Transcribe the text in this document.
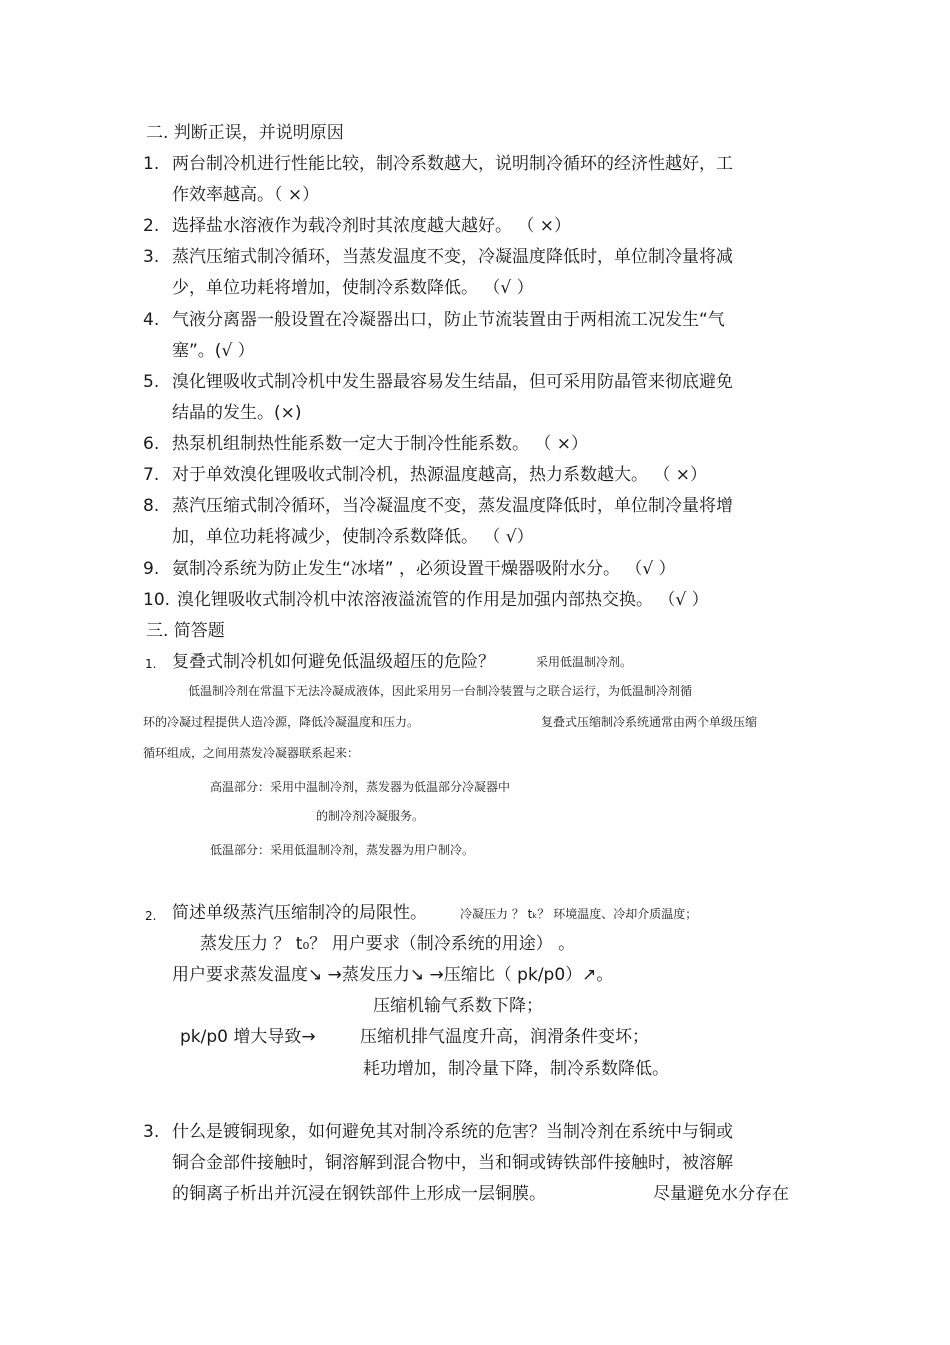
二. 判断正误，并说明原因
1. 两台制冷机进行性能比较，制冷系数越大，说明制冷循环的经济性越好，工
作效率越高。（ ×）
2. 选择盐水溶液作为载冷剂时其浓度越大越好。 （ ×）
3. 蒸汽压缩式制冷循环，当蒸发温度不变，冷凝温度降低时，单位制冷量将减
少，单位功耗将增加，使制冷系数降低。 （√ ）
4. 气液分离器一般设置在冷凝器出口，防止节流装置由于两相流工况发生“气
塞”。(√ ）
5. 溴化锂吸收式制冷机中发生器最容易发生结晶，但可采用防晶管来彻底避免
结晶的发生。(×)
6. 热泵机组制热性能系数一定大于制冷性能系数。 （ ×）
7. 对于单效溴化锂吸收式制冷机，热源温度越高，热力系数越大。 （ ×）
8. 蒸汽压缩式制冷循环，当冷凝温度不变，蒸发温度降低时，单位制冷量将增
加，单位功耗将减少，使制冷系数降低。 （ √）
9. 氨制冷系统为防止发生“冰堵” ，必须设置干燥器吸附水分。 （√ ）
10. 溴化锂吸收式制冷机中浓溶液溢流管的作用是加强内部热交换。 （√ ）
三. 简答题
1. 复叠式制冷机如何避免低温级超压的危险？	采用低温制冷剂。
低温制冷剂在常温下无法冷凝成液体，因此采用另一台制冷装置与之联合运行，为低温制冷剂循
环的冷凝过程提供人造冷源，降低冷凝温度和压力。	复叠式压缩制冷系统通常由两个单级压缩
循环组成，之间用蒸发冷凝器联系起来：
高温部分：采用中温制冷剂，蒸发器为低温部分冷凝器中
的制冷剂冷凝服务。
低温部分：采用低温制冷剂，蒸发器为用户制冷。
2. 简述单级蒸汽压缩制冷的局限性。	冷凝压力 ？ tₖ？ 环境温度、冷却介质温度；
蒸发压力 ？ t₀？ 用户要求（制冷系统的用途） 。
用户要求蒸发温度↘ →蒸发压力↘ →压缩比（ pk/p0）↗。
压缩机输气系数下降；
pk/p0 增大导致→	压缩机排气温度升高，润滑条件变坏；
耗功增加，制冷量下降，制冷系数降低。
3. 什么是镀铜现象，如何避免其对制冷系统的危害？当制冷剂在系统中与铜或
铜合金部件接触时，铜溶解到混合物中，当和铜或铸铁部件接触时，被溶解
的铜离子析出并沉浸在钢铁部件上形成一层铜膜。	尽量避免水分存在
